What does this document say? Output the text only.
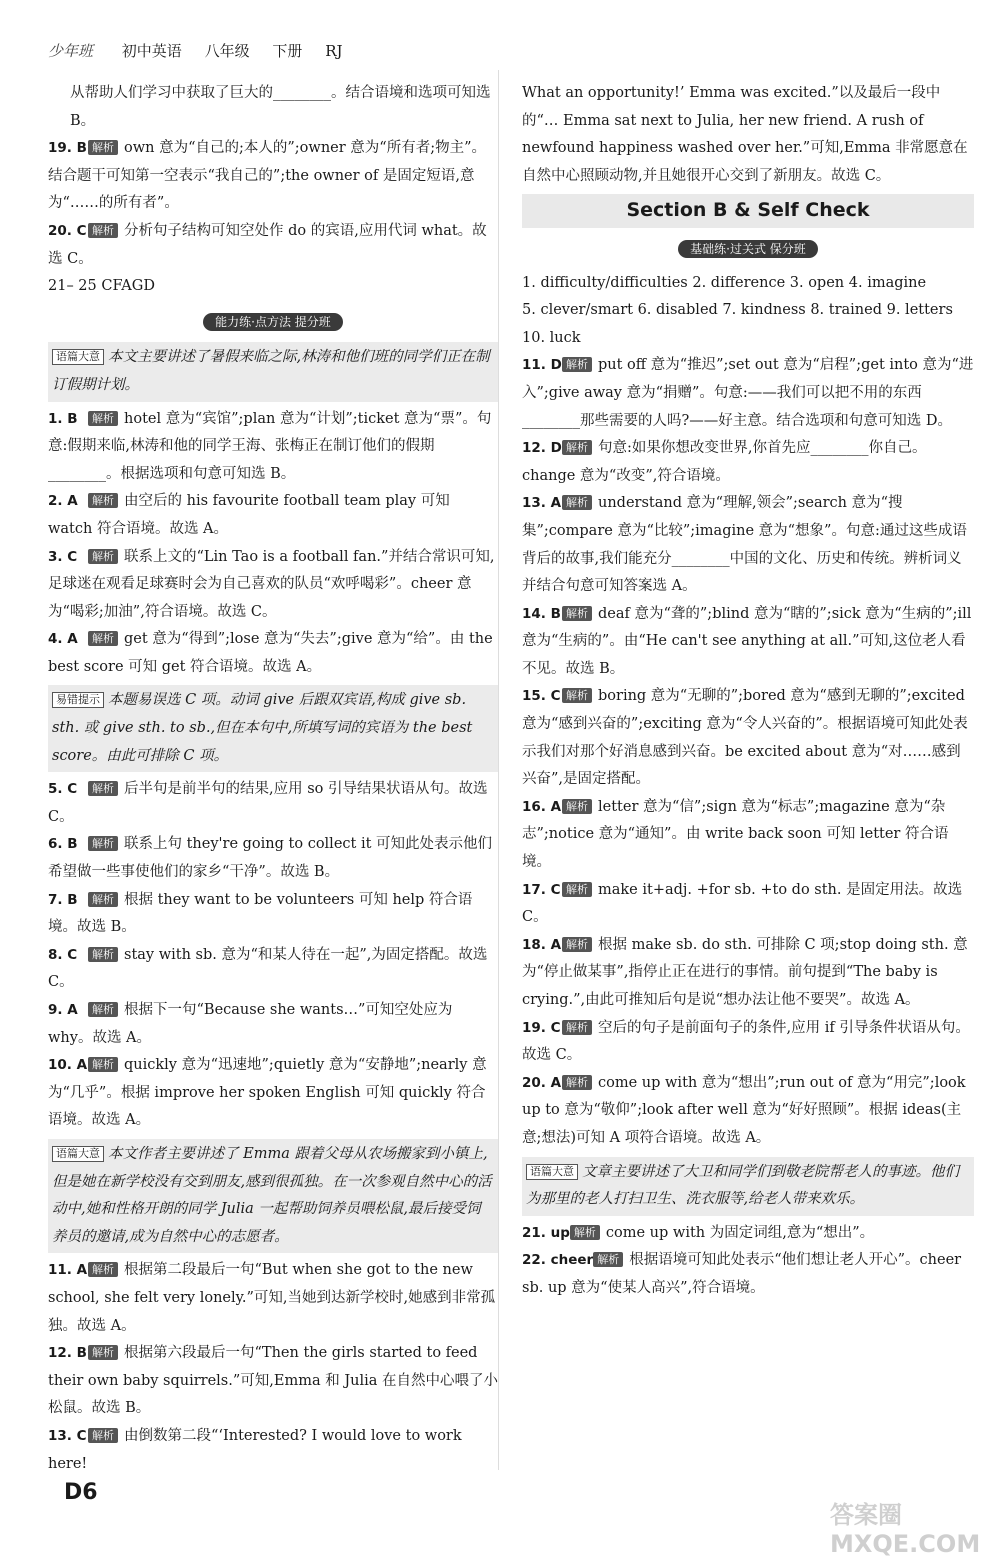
少年班 初中英语 八年级 下册 RJ

从帮助人们学习中获取了巨大的________。结合语境和选项可知选 B。

19. B 解析 own 意为“自己的;本人的”;owner 意为“所有者;物主”。结合题干可知第一空表示“我自己的”;the owner of 是固定短语,意为“……的所有者”。

20. C 解析 分析句子结构可知空处作 do 的宾语,应用代词 what。故选 C。

21– 25 CFAGD

能力练·点方法 提分班
语篇大意 本文主要讲述了暑假来临之际,林涛和他们班的同学们正在制订假期计划。

1. B 解析 hotel 意为“宾馆”;plan 意为“计划”;ticket 意为“票”。句意:假期来临,林涛和他的同学王海、张梅正在制订他们的假期________。根据选项和句意可知选 B。

2. A 解析 由空后的 his favourite football team play 可知 watch 符合语境。故选 A。

3. C 解析 联系上文的“Lin Tao is a football fan.”并结合常识可知,足球迷在观看足球赛时会为自己喜欢的队员“欢呼喝彩”。cheer 意为“喝彩;加油”,符合语境。故选 C。

4. A 解析 get 意为“得到”;lose 意为“失去”;give 意为“给”。由 the best score 可知 get 符合语境。故选 A。

易错提示 本题易误选 C 项。动词 give 后跟双宾语,构成 give sb. sth. 或 give sth. to sb.,但在本句中,所填写词的宾语为 the best score。由此可排除 C 项。

5. C 解析 后半句是前半句的结果,应用 so 引导结果状语从句。故选 C。

6. B 解析 联系上句 they're going to collect it 可知此处表示他们希望做一些事使他们的家乡“干净”。故选 B。

7. B 解析 根据 they want to be volunteers 可知 help 符合语境。故选 B。

8. C 解析 stay with sb. 意为“和某人待在一起”,为固定搭配。故选 C。

9. A 解析 根据下一句“Because she wants…”可知空处应为 why。故选 A。

10. A 解析 quickly 意为“迅速地”;quietly 意为“安静地”;nearly 意为“几乎”。根据 improve her spoken English 可知 quickly 符合语境。故选 A。

语篇大意 本文作者主要讲述了 Emma 跟着父母从农场搬家到小镇上,但是她在新学校没有交到朋友,感到很孤独。在一次参观自然中心的活动中,她和性格开朗的同学 Julia 一起帮助饲养员喂松鼠,最后接受饲养员的邀请,成为自然中心的志愿者。

11. A 解析 根据第二段最后一句“But when she got to the new school, she felt very lonely.”可知,当她到达新学校时,她感到非常孤独。故选 A。

12. B 解析 根据第六段最后一句“Then the girls started to feed their own baby squirrels.”可知,Emma 和 Julia 在自然中心喂了小松鼠。故选 B。

13. C 解析 由倒数第二段“‘Interested? I would love to work here!

What an opportunity!’ Emma was excited.”以及最后一段中的“… Emma sat next to Julia, her new friend. A rush of newfound happiness washed over her.”可知,Emma 非常愿意在自然中心照顾动物,并且她很开心交到了新朋友。故选 C。

Section B & Self Check
基础练·过关式 保分班

1. difficulty/difficulties 2. difference 3. open 4. imagine

5. clever/smart 6. disabled 7. kindness 8. trained 9. letters

10. luck

11. D 解析 put off 意为“推迟”;set out 意为“启程”;get into 意为“进入”;give away 意为“捐赠”。句意:——我们可以把不用的东西________那些需要的人吗?——好主意。结合选项和句意可知选 D。

12. D 解析 句意:如果你想改变世界,你首先应________你自己。change 意为“改变”,符合语境。

13. A 解析 understand 意为“理解,领会”;search 意为“搜集”;compare 意为“比较”;imagine 意为“想象”。句意:通过这些成语背后的故事,我们能充分________中国的文化、历史和传统。辨析词义并结合句意可知答案选 A。

14. B 解析 deaf 意为“聋的”;blind 意为“瞎的”;sick 意为“生病的”;ill 意为“生病的”。由“He can't see anything at all.”可知,这位老人看不见。故选 B。

15. C 解析 boring 意为“无聊的”;bored 意为“感到无聊的”;excited 意为“感到兴奋的”;exciting 意为“令人兴奋的”。根据语境可知此处表示我们对那个好消息感到兴奋。be excited about 意为“对……感到兴奋”,是固定搭配。

16. A 解析 letter 意为“信”;sign 意为“标志”;magazine 意为“杂志”;notice 意为“通知”。由 write back soon 可知 letter 符合语境。

17. C 解析 make it+adj. +for sb. +to do sth. 是固定用法。故选 C。

18. A 解析 根据 make sb. do sth. 可排除 C 项;stop doing sth. 意为“停止做某事”,指停止正在进行的事情。前句提到“The baby is crying.”,由此可推知后句是说“想办法让他不要哭”。故选 A。

19. C 解析 空后的句子是前面句子的条件,应用 if 引导条件状语从句。故选 C。

20. A 解析 come up with 意为“想出”;run out of 意为“用完”;look up to 意为“敬仰”;look after well 意为“好好照顾”。根据 ideas(主意;想法)可知 A 项符合语境。故选 A。

语篇大意 文章主要讲述了大卫和同学们到敬老院帮老人的事迹。他们为那里的老人打扫卫生、洗衣服等,给老人带来欢乐。

21. up 解析 come up with 为固定词组,意为“想出”。

22. cheer 解析 根据语境可知此处表示“他们想让老人开心”。cheer sb. up 意为“使某人高兴”,符合语境。

D6
答案圈 MXQE.COM
